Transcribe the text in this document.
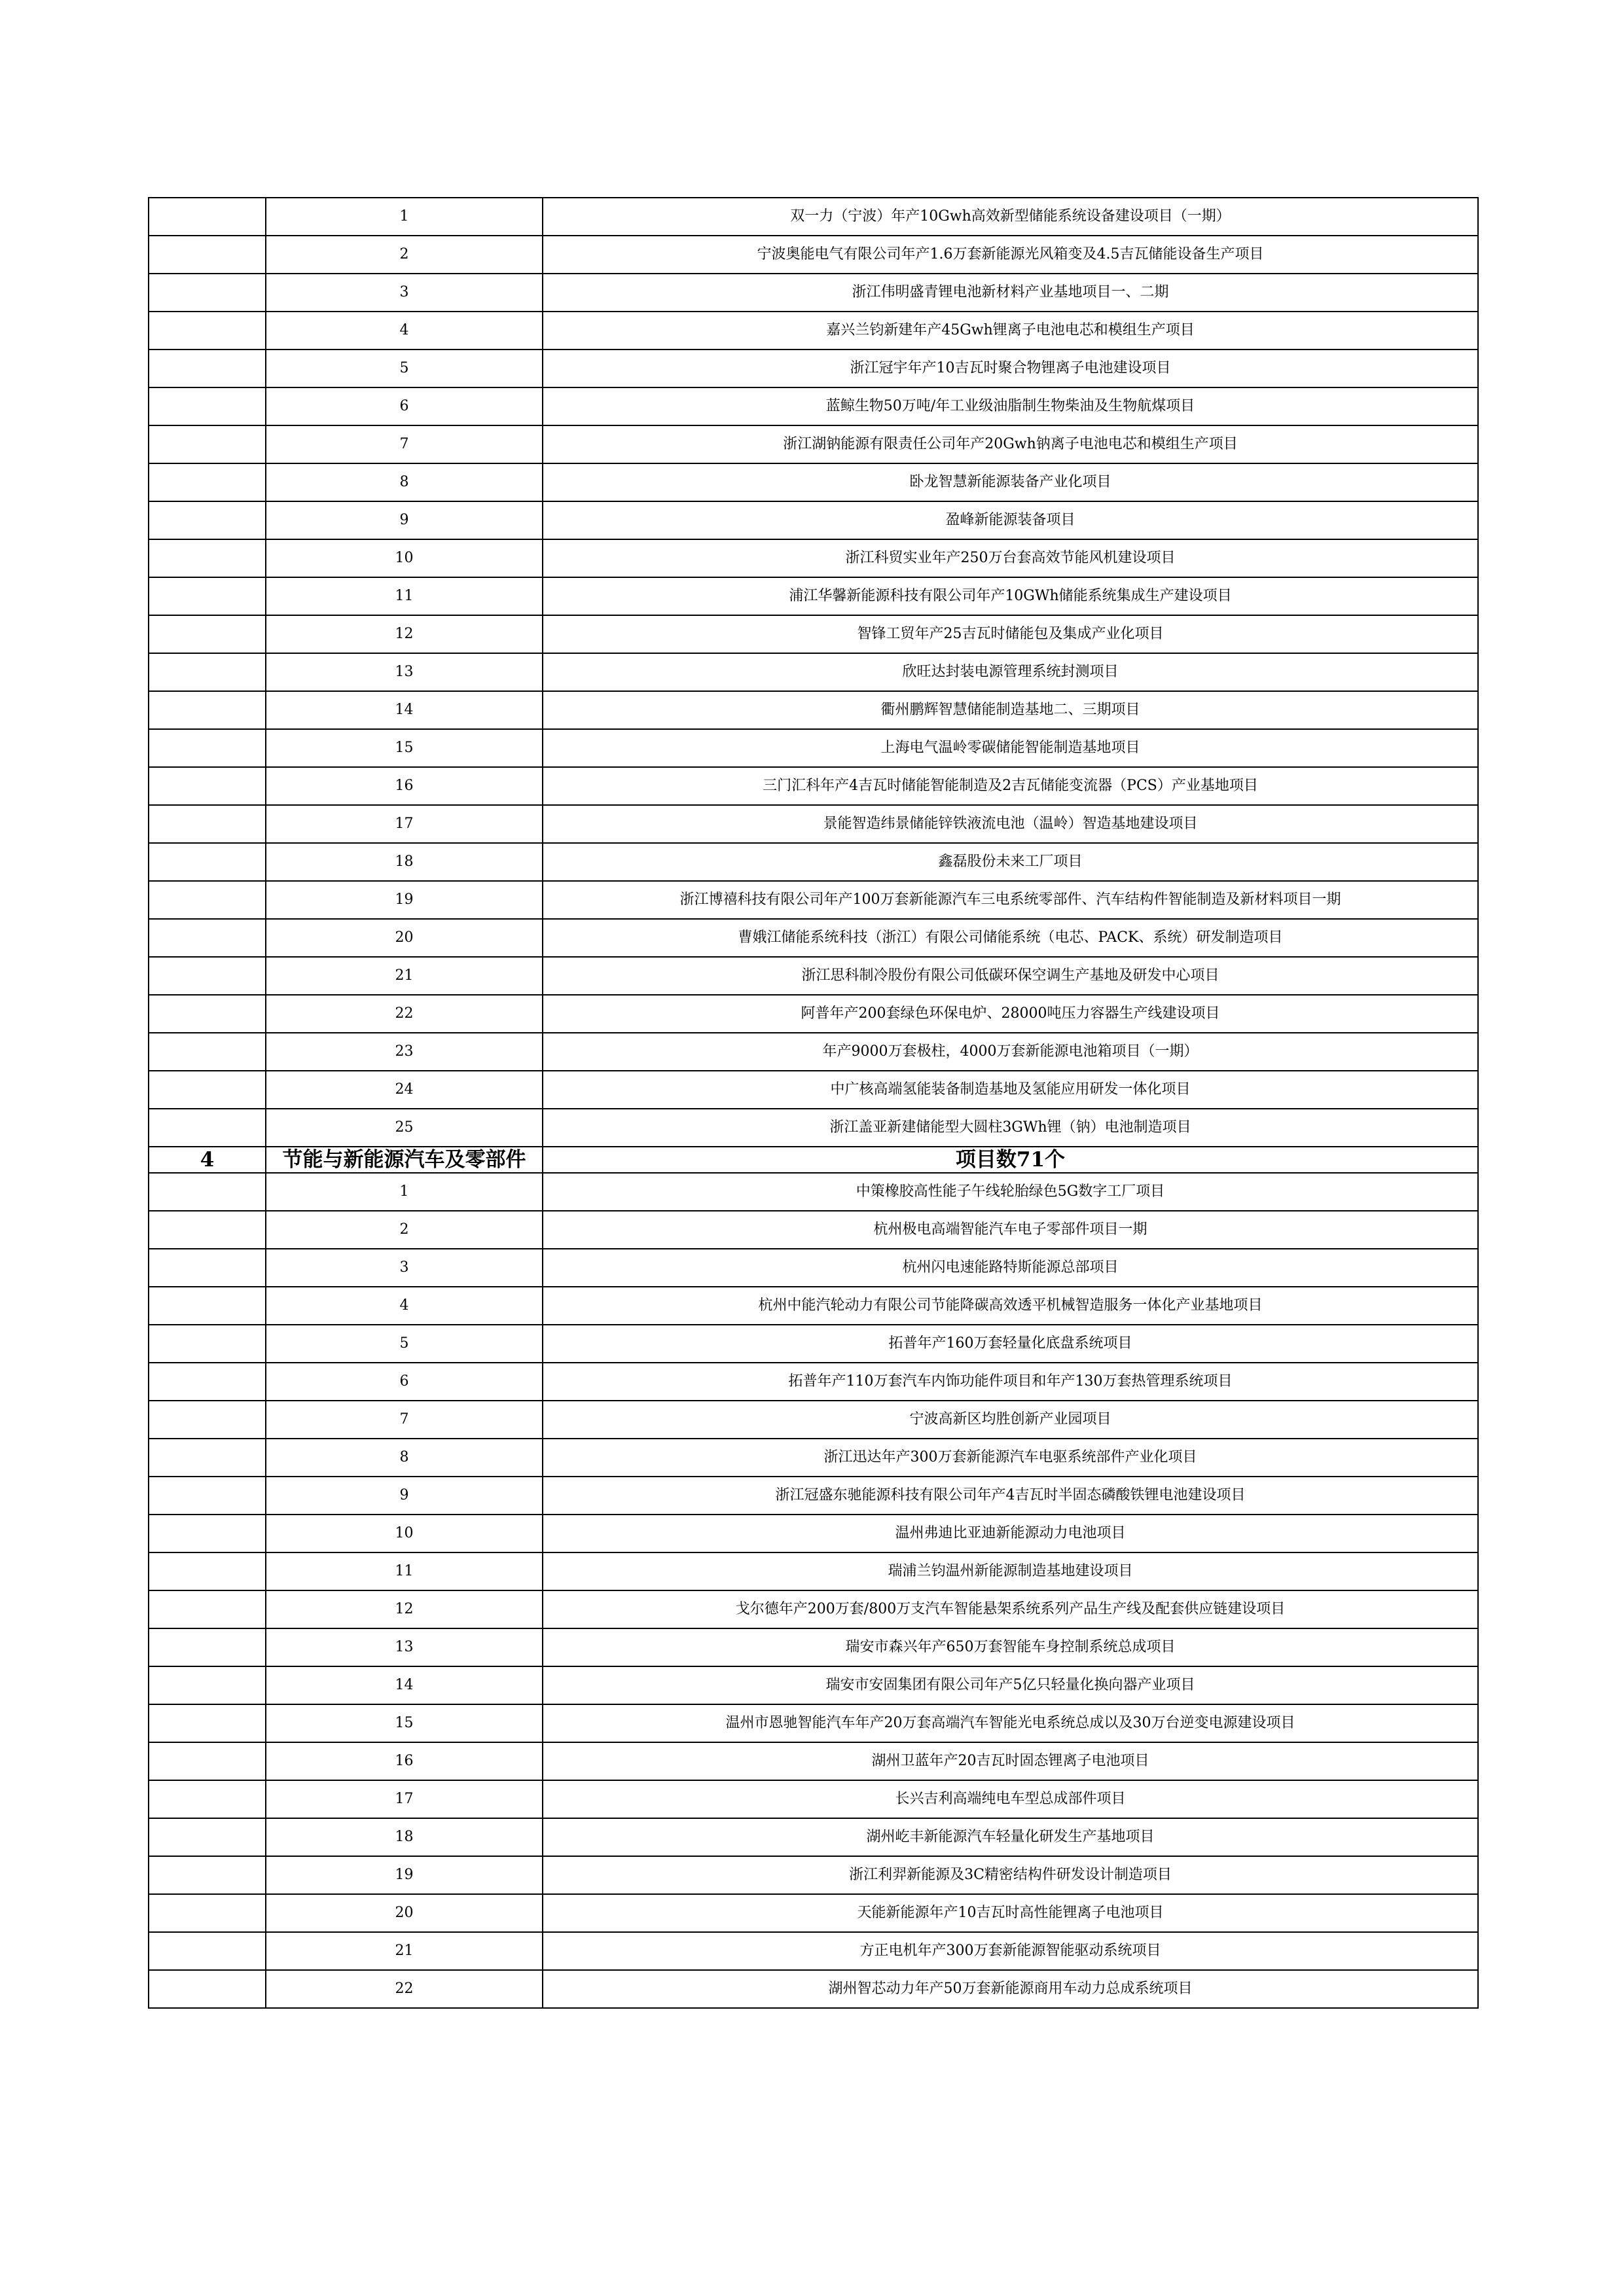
	1	双一力（宁波）年产10Gwh高效新型储能系统设备建设项目（一期）
	2	宁波奥能电气有限公司年产1.6万套新能源光风箱变及4.5吉瓦储能设备生产项目
	3	浙江伟明盛青锂电池新材料产业基地项目一、二期
	4	嘉兴兰钧新建年产45Gwh锂离子电池电芯和模组生产项目
	5	浙江冠宇年产10吉瓦时聚合物锂离子电池建设项目
	6	蓝鲸生物50万吨/年工业级油脂制生物柴油及生物航煤项目
	7	浙江湖钠能源有限责任公司年产20Gwh钠离子电池电芯和模组生产项目
	8	卧龙智慧新能源装备产业化项目
	9	盈峰新能源装备项目
	10	浙江科贸实业年产250万台套高效节能风机建设项目
	11	浦江华馨新能源科技有限公司年产10GWh储能系统集成生产建设项目
	12	智锋工贸年产25吉瓦时储能包及集成产业化项目
	13	欣旺达封装电源管理系统封测项目
	14	衢州鹏辉智慧储能制造基地二、三期项目
	15	上海电气温岭零碳储能智能制造基地项目
	16	三门汇科年产4吉瓦时储能智能制造及2吉瓦储能变流器（PCS）产业基地项目
	17	景能智造纬景储能锌铁液流电池（温岭）智造基地建设项目
	18	鑫磊股份未来工厂项目
	19	浙江博禧科技有限公司年产100万套新能源汽车三电系统零部件、汽车结构件智能制造及新材料项目一期
	20	曹娥江储能系统科技（浙江）有限公司储能系统（电芯、PACK、系统）研发制造项目
	21	浙江思科制冷股份有限公司低碳环保空调生产基地及研发中心项目
	22	阿普年产200套绿色环保电炉、28000吨压力容器生产线建设项目
	23	年产9000万套极柱，4000万套新能源电池箱项目（一期）
	24	中广核高端氢能装备制造基地及氢能应用研发一体化项目
	25	浙江盖亚新建储能型大圆柱3GWh锂（钠）电池制造项目
4	节能与新能源汽车及零部件	项目数71个
	1	中策橡胶高性能子午线轮胎绿色5G数字工厂项目
	2	杭州极电高端智能汽车电子零部件项目一期
	3	杭州闪电速能路特斯能源总部项目
	4	杭州中能汽轮动力有限公司节能降碳高效透平机械智造服务一体化产业基地项目
	5	拓普年产160万套轻量化底盘系统项目
	6	拓普年产110万套汽车内饰功能件项目和年产130万套热管理系统项目
	7	宁波高新区均胜创新产业园项目
	8	浙江迅达年产300万套新能源汽车电驱系统部件产业化项目
	9	浙江冠盛东驰能源科技有限公司年产4吉瓦时半固态磷酸铁锂电池建设项目
	10	温州弗迪比亚迪新能源动力电池项目
	11	瑞浦兰钧温州新能源制造基地建设项目
	12	戈尔德年产200万套/800万支汽车智能悬架系统系列产品生产线及配套供应链建设项目
	13	瑞安市森兴年产650万套智能车身控制系统总成项目
	14	瑞安市安固集团有限公司年产5亿只轻量化换向器产业项目
	15	温州市恩驰智能汽车年产20万套高端汽车智能光电系统总成以及30万台逆变电源建设项目
	16	湖州卫蓝年产20吉瓦时固态锂离子电池项目
	17	长兴吉利高端纯电车型总成部件项目
	18	湖州屹丰新能源汽车轻量化研发生产基地项目
	19	浙江利羿新能源及3C精密结构件研发设计制造项目
	20	天能新能源年产10吉瓦时高性能锂离子电池项目
	21	方正电机年产300万套新能源智能驱动系统项目
	22	湖州智芯动力年产50万套新能源商用车动力总成系统项目
